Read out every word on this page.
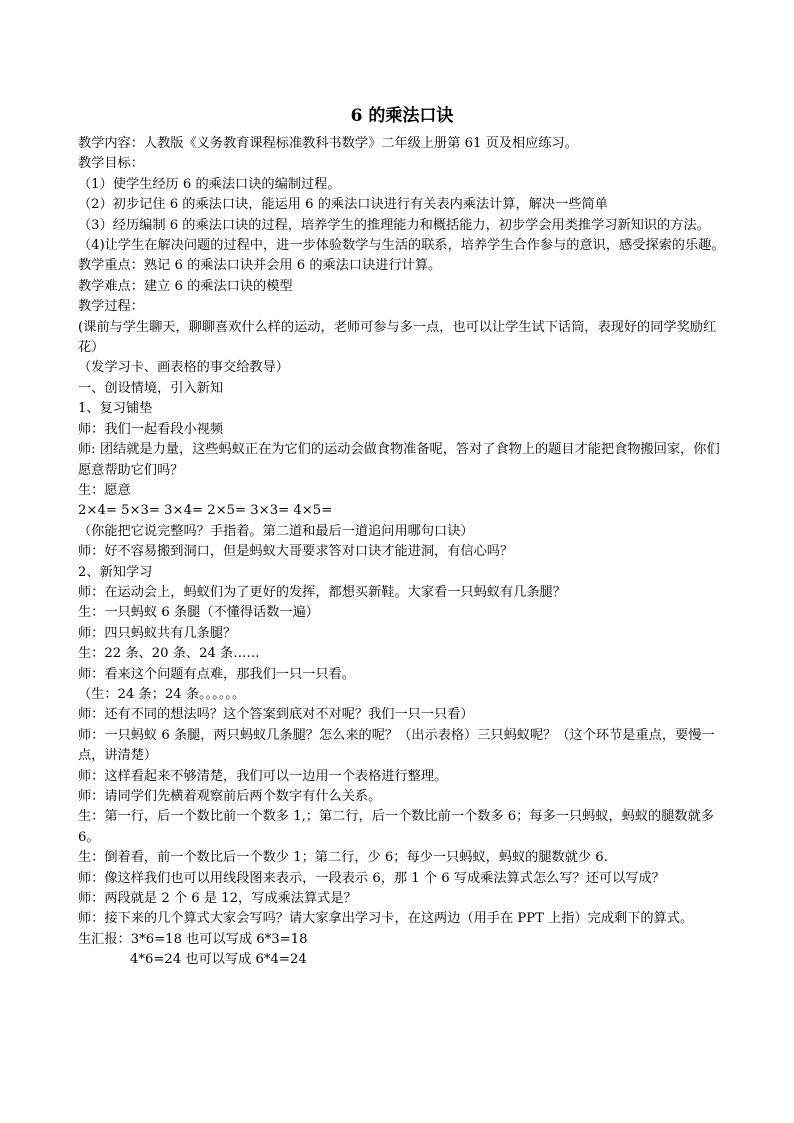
6 的乘法口诀
教学内容：人教版《义务教育课程标准教科书数学》二年级上册第 61 页及相应练习。
教学目标：
（1）使学生经历 6 的乘法口诀的编制过程。
（2）初步记住 6 的乘法口诀，能运用 6 的乘法口诀进行有关表内乘法计算，解决一些简单
（3）经历编制 6 的乘法口诀的过程，培养学生的推理能力和概括能力，初步学会用类推学习新知识的方法。
（4)让学生在解决问题的过程中，进一步体验数学与生活的联系，培养学生合作参与的意识，感受探索的乐趣。
教学重点：熟记 6 的乘法口诀并会用 6 的乘法口诀进行计算。
教学难点：建立 6 的乘法口诀的模型
教学过程：
(课前与学生聊天，聊聊喜欢什么样的运动，老师可参与多一点，也可以让学生试下话筒，表现好的同学奖励红花）
（发学习卡、画表格的事交给教导）
一、创设情境，引入新知
1、复习铺垫
师：我们一起看段小视频
师: 团结就是力量，这些蚂蚁正在为它们的运动会做食物准备呢，答对了食物上的题目才能把食物搬回家，你们愿意帮助它们吗？
生：愿意
2×4= 5×3= 3×4= 2×5= 3×3= 4×5=
（你能把它说完整吗？手指着。第二道和最后一道追问用哪句口诀）
师：好不容易搬到洞口，但是蚂蚁大哥要求答对口诀才能进洞，有信心吗？
2、新知学习
师：在运动会上，蚂蚁们为了更好的发挥，都想买新鞋。大家看一只蚂蚁有几条腿？
生：一只蚂蚁 6 条腿（不懂得话数一遍）
师：四只蚂蚁共有几条腿？
生：22 条、20 条、24 条……
师：看来这个问题有点难，那我们一只一只看。
（生：24 条；24 条。。。。。。
师：还有不同的想法吗？这个答案到底对不对呢？我们一只一只看）
师：一只蚂蚁 6 条腿，两只蚂蚁几条腿？怎么来的呢？（出示表格）三只蚂蚁呢？（这个环节是重点，要慢一点，讲清楚）
师：这样看起来不够清楚，我们可以一边用一个表格进行整理。
师：请同学们先横着观察前后两个数字有什么关系。
生：第一行，后一个数比前一个数多 1,；第二行，后一个数比前一个数多 6；每多一只蚂蚁，蚂蚁的腿数就多 6。
生：倒着看，前一个数比后一个数少 1；第二行，少 6；每少一只蚂蚁，蚂蚁的腿数就少 6.
师：像这样我们也可以用线段图来表示，一段表示 6，那 1 个 6 写成乘法算式怎么写？还可以写成？
师：两段就是 2 个 6 是 12，写成乘法算式是？
师：接下来的几个算式大家会写吗？请大家拿出学习卡，在这两边（用手在 PPT 上指）完成剩下的算式。
生汇报：3*6=18 也可以写成 6*3=18
4*6=24 也可以写成 6*4=24
